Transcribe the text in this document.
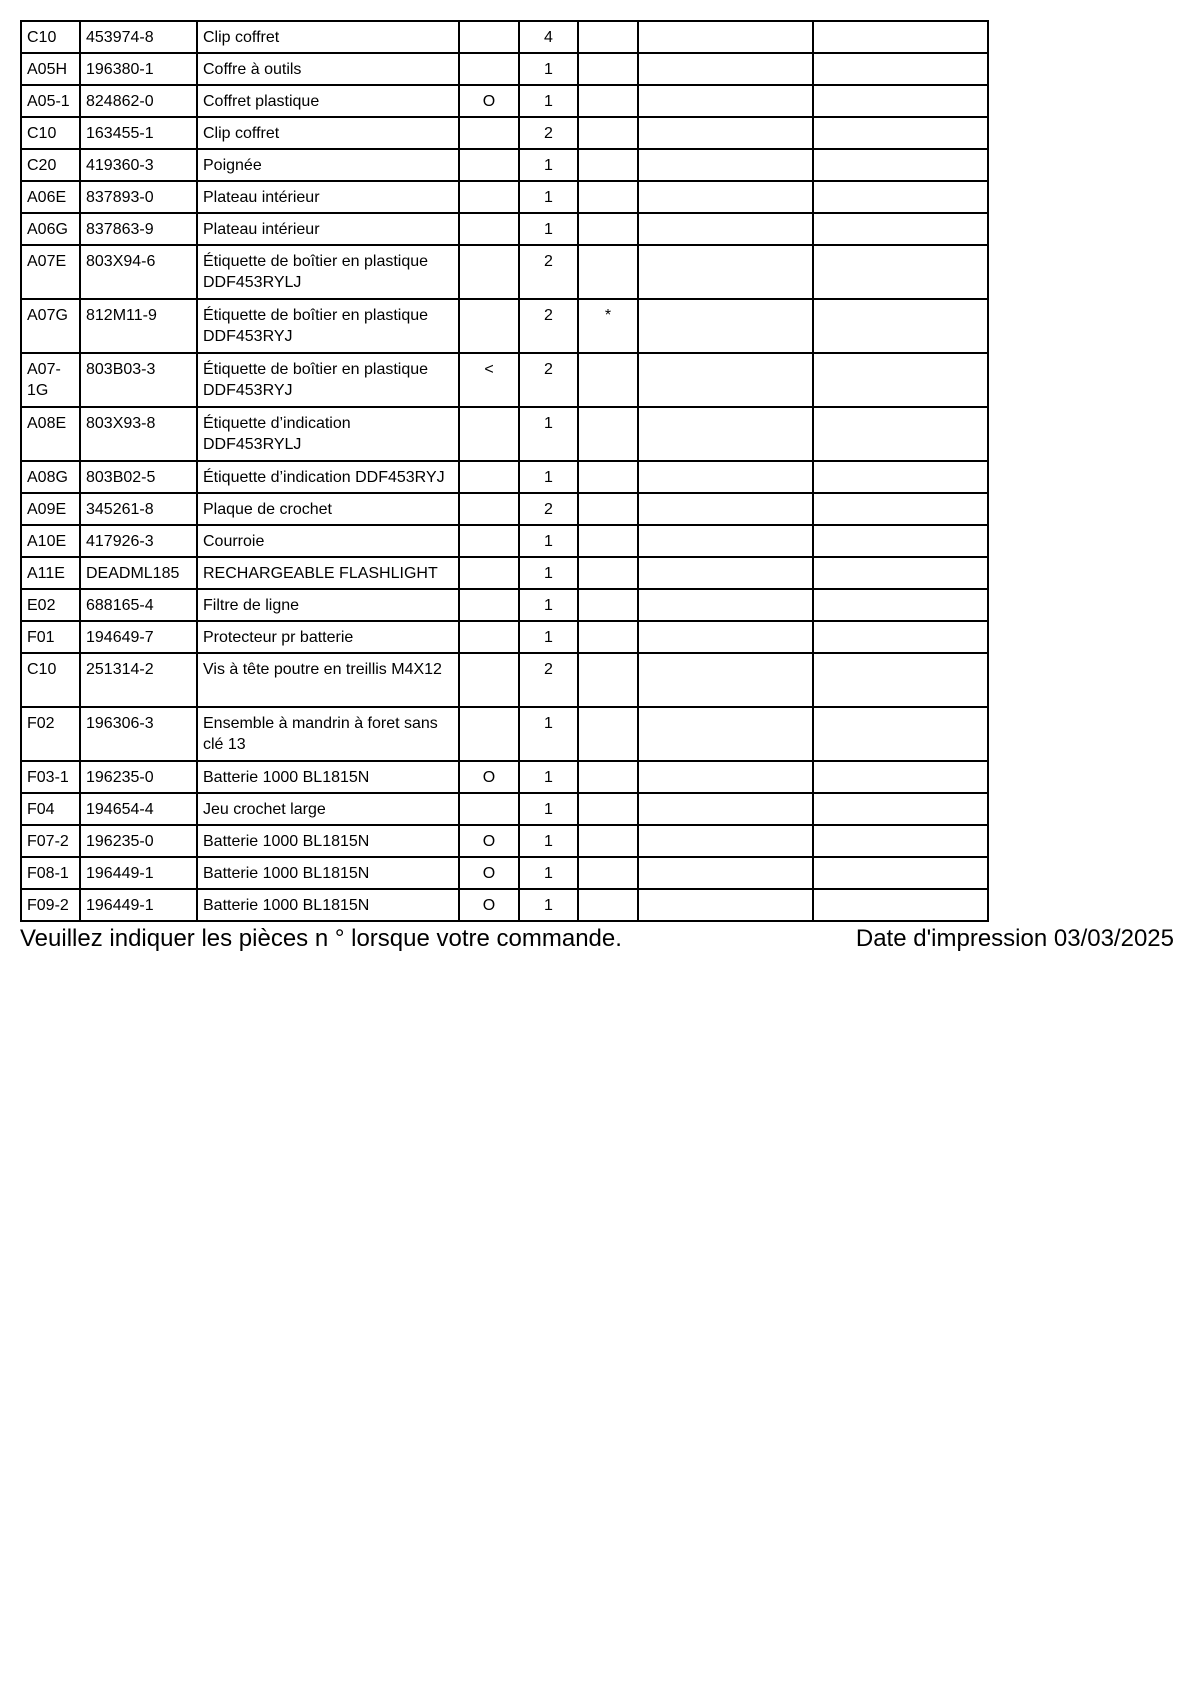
C10	453974-8	Clip coffret		4			
A05H	196380-1	Coffre à outils		1			
A05-1	824862-0	Coffret plastique	O	1			
C10	163455-1	Clip coffret		2			
C20	419360-3	Poignée		1			
A06E	837893-0	Plateau intérieur		1			
A06G	837863-9	Plateau intérieur		1			
A07E	803X94-6	Étiquette de boîtier en plastique DDF453RYLJ		2			
A07G	812M11-9	Étiquette de boîtier en plastique DDF453RYJ		2	*		
A07-1G	803B03-3	Étiquette de boîtier en plastique DDF453RYJ	<	2			
A08E	803X93-8	Étiquette d’indication DDF453RYLJ		1			
A08G	803B02-5	Étiquette d’indication DDF453RYJ		1			
A09E	345261-8	Plaque de crochet		2			
A10E	417926-3	Courroie		1			
A11E	DEADML185	RECHARGEABLE FLASHLIGHT		1			
E02	688165-4	Filtre de ligne		1			
F01	194649-7	Protecteur pr batterie		1			
C10	251314-2	Vis à tête poutre en treillis M4X12		2			
F02	196306-3	Ensemble à mandrin à foret sans clé 13		1			
F03-1	196235-0	Batterie 1000 BL1815N	O	1			
F04	194654-4	Jeu crochet large		1			
F07-2	196235-0	Batterie 1000 BL1815N	O	1			
F08-1	196449-1	Batterie 1000 BL1815N	O	1			
F09-2	196449-1	Batterie 1000 BL1815N	O	1			
Veuillez indiquer les pièces n ° lorsque votre commande.	Date d'impression 03/03/2025
